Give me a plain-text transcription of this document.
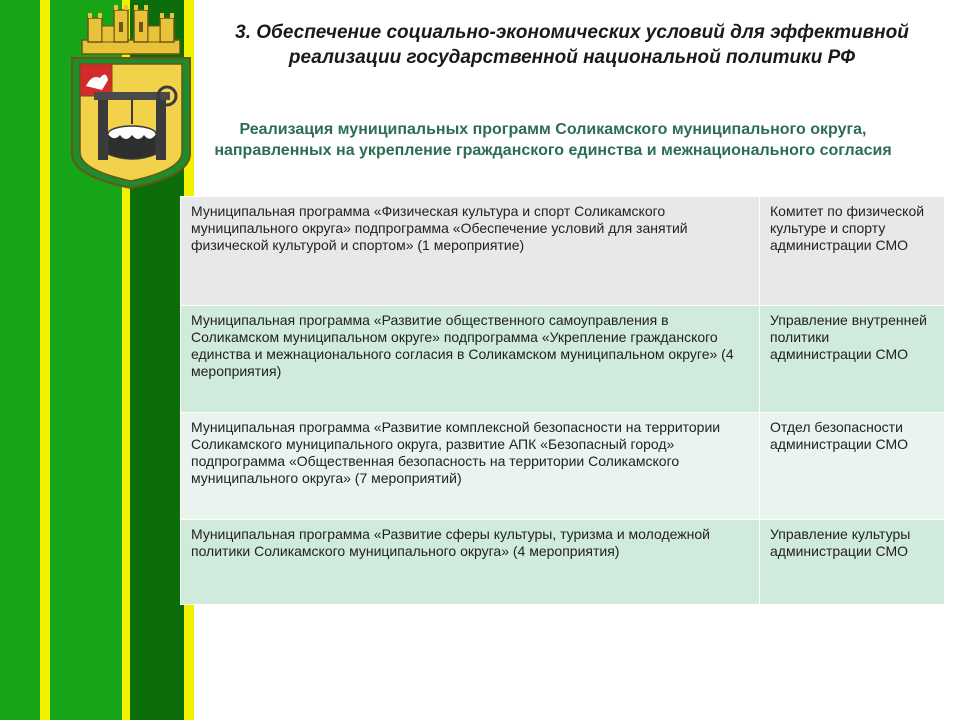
3. Обеспечение социально-экономических условий для эффективной реализации государственной национальной политики РФ
Реализация муниципальных программ Соликамского муниципального округа, направленных на укрепление гражданского единства и межнационального согласия
Муниципальная программа «Физическая культура и спорт Соликамского муниципального округа» подпрограмма «Обеспечение условий для занятий физической культурой и спортом» (1 мероприятие)	Комитет по физической культуре и спорту администрации СМО
Муниципальная программа «Развитие общественного самоуправления в Соликамском муниципальном округе» подпрограмма «Укрепление гражданского единства и межнационального согласия в Соликамском муниципальном округе» (4 мероприятия)	Управление внутренней политики администрации СМО
Муниципальная программа «Развитие комплексной безопасности на территории Соликамского муниципального округа, развитие АПК «Безопасный город» подпрограмма «Общественная безопасность на территории Соликамского муниципального округа» (7 мероприятий)	Отдел безопасности администрации СМО
Муниципальная программа «Развитие сферы культуры, туризма и молодежной политики Соликамского муниципального округа» (4 мероприятия)	Управление культуры администрации СМО
